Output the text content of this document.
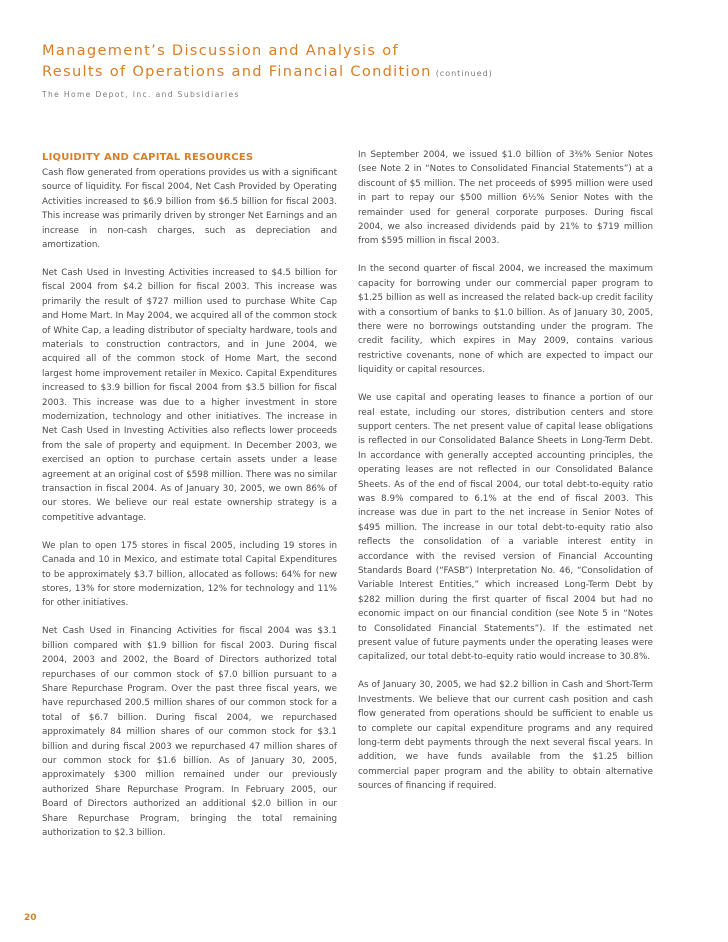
Management’s Discussion and Analysis of
Results of Operations and Financial Condition (continued)
The Home Depot, Inc. and Subsidiaries
LIQUIDITY AND CAPITAL RESOURCES

Cash flow generated from operations provides us with a significant source of liquidity. For fiscal 2004, Net Cash Provided by Operating Activities increased to $6.9 billion from $6.5 billion for fiscal 2003. This increase was primarily driven by stronger Net Earnings and an increase in non-cash charges, such as depreciation and amortization.

Net Cash Used in Investing Activities increased to $4.5 billion for fiscal 2004 from $4.2 billion for fiscal 2003. This increase was primarily the result of $727 million used to purchase White Cap and Home Mart. In May 2004, we acquired all of the common stock of White Cap, a leading distributor of specialty hardware, tools and materials to construction contractors, and in June 2004, we acquired all of the common stock of Home Mart, the second largest home improvement retailer in Mexico. Capital Expenditures increased to $3.9 billion for fiscal 2004 from $3.5 billion for fiscal 2003. This increase was due to a higher investment in store modernization, technology and other initiatives. The increase in Net Cash Used in Investing Activities also reflects lower proceeds from the sale of property and equipment. In December 2003, we exercised an option to purchase certain assets under a lease agreement at an original cost of $598 million. There was no similar transaction in fiscal 2004. As of January 30, 2005, we own 86% of our stores. We believe our real estate ownership strategy is a competitive advantage.

We plan to open 175 stores in fiscal 2005, including 19 stores in Canada and 10 in Mexico, and estimate total Capital Expenditures to be approximately $3.7 billion, allocated as follows: 64% for new stores, 13% for store modernization, 12% for technology and 11% for other initiatives.

Net Cash Used in Financing Activities for fiscal 2004 was $3.1 billion compared with $1.9 billion for fiscal 2003. During fiscal 2004, 2003 and 2002, the Board of Directors authorized total repurchases of our common stock of $7.0 billion pursuant to a Share Repurchase Program. Over the past three fiscal years, we have repurchased 200.5 million shares of our common stock for a total of $6.7 billion. During fiscal 2004, we repurchased approximately 84 million shares of our common stock for $3.1 billion and during fiscal 2003 we repurchased 47 million shares of our common stock for $1.6 billion. As of January 30, 2005, approximately $300 million remained under our previously authorized Share Repurchase Program. In February 2005, our Board of Directors authorized an additional $2.0 billion in our Share Repurchase Program, bringing the total remaining authorization to $2.3 billion.

In September 2004, we issued $1.0 billion of 3⅜% Senior Notes (see Note 2 in “Notes to Consolidated Financial Statements”) at a discount of $5 million. The net proceeds of $995 million were used in part to repay our $500 million 6½% Senior Notes with the remainder used for general corporate purposes. During fiscal 2004, we also increased dividends paid by 21% to $719 million from $595 million in fiscal 2003.

In the second quarter of fiscal 2004, we increased the maximum capacity for borrowing under our commercial paper program to $1.25 billion as well as increased the related back-up credit facility with a consortium of banks to $1.0 billion. As of January 30, 2005, there were no borrowings outstanding under the program. The credit facility, which expires in May 2009, contains various restrictive covenants, none of which are expected to impact our liquidity or capital resources.

We use capital and operating leases to finance a portion of our real estate, including our stores, distribution centers and store support centers. The net present value of capital lease obligations is reflected in our Consolidated Balance Sheets in Long-Term Debt. In accordance with generally accepted accounting principles, the operating leases are not reflected in our Consolidated Balance Sheets. As of the end of fiscal 2004, our total debt-to-equity ratio was 8.9% compared to 6.1% at the end of fiscal 2003. This increase was due in part to the net increase in Senior Notes of $495 million. The increase in our total debt-to-equity ratio also reflects the consolidation of a variable interest entity in accordance with the revised version of Financial Accounting Standards Board (“FASB”) Interpretation No. 46, “Consolidation of Variable Interest Entities,” which increased Long-Term Debt by $282 million during the first quarter of fiscal 2004 but had no economic impact on our financial condition (see Note 5 in “Notes to Consolidated Financial Statements”). If the estimated net present value of future payments under the operating leases were capitalized, our total debt-to-equity ratio would increase to 30.8%.

As of January 30, 2005, we had $2.2 billion in Cash and Short-Term Investments. We believe that our current cash position and cash flow generated from operations should be sufficient to enable us to complete our capital expenditure programs and any required long-term debt payments through the next several fiscal years. In addition, we have funds available from the $1.25 billion commercial paper program and the ability to obtain alternative sources of financing if required.

20
